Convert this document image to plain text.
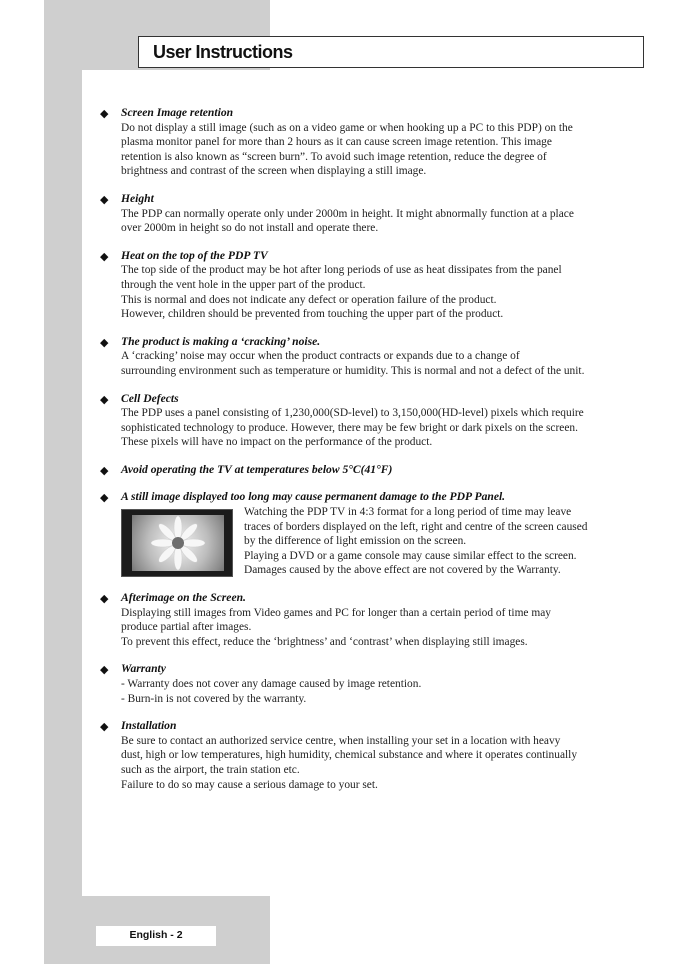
User Instructions
◆ Screen Image retention

Do not display a still image (such as on a video game or when hooking up a PC to this PDP) on the

plasma monitor panel for more than 2 hours as it can cause screen image retention. This image

retention is also known as “screen burn”. To avoid such image retention, reduce the degree of

brightness and contrast of the screen when displaying a still image.

◆ Height

The PDP can normally operate only under 2000m in height. It might abnormally function at a place

over 2000m in height so do not install and operate there.

◆ Heat on the top of the PDP TV

The top side of the product may be hot after long periods of use as heat dissipates from the panel

through the vent hole in the upper part of the product.

This is normal and does not indicate any defect or operation failure of the product.

However, children should be prevented from touching the upper part of the product.

◆ The product is making a ‘cracking’ noise.

A ‘cracking’ noise may occur when the product contracts or expands due to a change of

surrounding environment such as temperature or humidity. This is normal and not a defect of the unit.

◆ Cell Defects

The PDP uses a panel consisting of 1,230,000(SD-level) to 3,150,000(HD-level) pixels which require

sophisticated technology to produce. However, there may be few bright or dark pixels on the screen.

These pixels will have no impact on the performance of the product.

◆ Avoid operating the TV at temperatures below 5°C(41°F)
◆ A still image displayed too long may cause permanent damage to the PDP Panel.

Watching the PDP TV in 4:3 format for a long period of time may leave

traces of borders displayed on the left, right and centre of the screen caused

by the difference of light emission on the screen.

Playing a DVD or a game console may cause similar effect to the screen.

Damages caused by the above effect are not covered by the Warranty.

◆ Afterimage on the Screen.

Displaying still images from Video games and PC for longer than a certain period of time may

produce partial after images.

To prevent this effect, reduce the ‘brightness’ and ‘contrast’ when displaying still images.

◆ Warranty

- Warranty does not cover any damage caused by image retention.

- Burn-in is not covered by the warranty.

◆ Installation

Be sure to contact an authorized service centre, when installing your set in a location with heavy

dust, high or low temperatures, high humidity, chemical substance and where it operates continually

such as the airport, the train station etc.

Failure to do so may cause a serious damage to your set.

English - 2
